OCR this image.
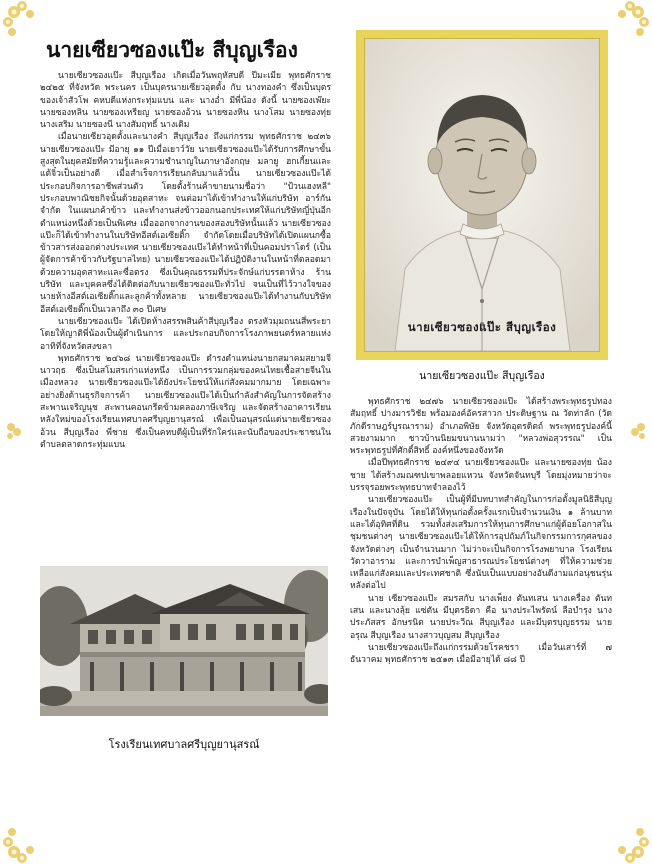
นายเซียวซองแป๊ะ สีบุญเรือง

นายเซียวซองแป๊ะ สีบุญเรือง เกิดเมื่อวันพฤหัสบดี ปีมะเมีย พุทธศักราช ๒๔๒๕ ที่จังหวัด พระนคร เป็นบุตรนายเซียวอุดตั้ง กับ นางทองคำ ซึ่งเป็นบุตรของเจ้าสัวโพ คหบดีแห่งกระทุ่มแบน และ นางอ่ำ มีพี่น้อง ดังนี้ นายซองเพ๊ยะ นายซองหลิน นายซองเหรียญ นายซองอ้วน นายซองหิน นางโสม นายซองทุ่ย นางเสริม นายซองนี นางสัมฤทธิ์ นางเติม

เมื่อนายเซียวอุดตั้งและนางคำ สีบุญเรือง ถึงแก่กรรม พุทธศักราช ๒๔๓๖ นายเซียวซองแป๊ะ มีอายุ ๑๑ ปีเมื่อเยาว์วัย นายเซียวซองแป๊ะได้รับการศึกษาขั้นสูงสุดในยุคสมัยที่ความรู้และความชำนาญในภาษาอังกฤษ มลายู ฮกเกี้ยนและแต้จิ๋วเป็นอย่างดี เมื่อสำเร็จการเรียนกลับมาแล้วนั้น นายเซียวซองแป๊ะได้ประกอบกิจการอาชีพส่วนตัว โดยตั้งร้านค้าขายนามชื่อว่า "ป้วนเฮงหลี" ประกอบพาณิชยกิจนั้นด้วยอุตสาหะ จนต่อมาได้เข้าทำงานให้แก่บริษัท อาร์กัน จำกัด ในแผนกค้าข้าว และทำงานส่งข้าวออกนอกประเทศให้แก่บริษัทญี่ปุ่นอีกตำแหน่งหนึ่งด้วยเป็นพิเศษ เมื่อออกจากงานของสองบริษัทนั้นแล้ว นายเซียวซองแป๊ะก็ได้เข้าทำงานในบริษัทอีสต์เอเซียติ๊ก จำกัดโดยเมื่อบริษัทได้เปิดแผนกซื้อข้าวสารส่งออกต่างประเทศ นายเซียวซองแป๊ะได้ทำหน้าที่เป็นคอมปราโดร์ (เป็นผู้จัดการค้าข้าวกับรัฐบาลไทย) นายเซียวซองแป๊ะได้ปฏิบัติงานในหน้าที่ตลอดมาด้วยความอุตสาหะและซื่อตรง ซึ่งเป็นคุณธรรมที่ประจักษ์แก่บรรดาห้าง ร้าน บริษัท และบุคคลซึ่งได้ติดต่อกับนายเซียวซองแป๊ะทั่วไป จนเป็นที่ไว้วางใจของนายห้างอีสต์เอเซียติ๊กและลูกค้าทั้งหลาย นายเซียวซองแป๊ะได้ทำงานกับบริษัทอีสต์เอเซียติ๊กเป็นเวลาถึง ๓๐ ปีเศษ

นายเซียวซองแป๊ะ ได้เปิดห้างสรรพสินค้าสีบุญเรือง ตรงหัวมุมถนนสี่พระยา โดยให้ญาติพี่น้องเป็นผู้ดำเนินการ และประกอบกิจการโรงภาพยนตร์หลายแห่ง อาทิที่จังหวัดสงขลา

พุทธศักราช ๒๔๖๘ นายเซียวซองแป๊ะ ดำรงตำแหน่งนายกสมาคมสยามจีนาวฤธ ซึ่งเป็นสโมสรเก่าแห่งหนึ่ง เป็นการรวมกลุ่มของคนไทยเชื้อสายจีนในเมืองหลวง นายเซียวซองแป๊ะได้ยังประโยชน์ให้แก่สังคมมากมาย โดยเฉพาะอย่างยิ่งด้านธุรกิจการค้า นายเซียวซองแป๊ะได้เป็นกำลังสำคัญในการจัดสร้างสะพานเจริญนุช สะพานคอนกรีตข้ามคลองภาษีเจริญ และจัดสร้างอาคารเรียนหลังใหม่ของโรงเรียนเทศบาลศรีบุญยานุสรณ์ เพื่อเป็นอนุสรณ์แด่นายเซียวซองอ้วน สีบุญเรือง พี่ชาย ซึ่งเป็นคหบดีผู้เป็นที่รักใคร่และนับถือของประชาชนในตำบลตลาดกระทุ่มแบน

นายเซียวซองแป๊ะ สีบุญเรือง
นายเซียวซองแป๊ะ สีบุญเรือง

พุทธศักราช ๒๔๗๖ นายเซียวซองแป๊ะ ได้สร้างพระพุทธรูปทองสัมฤทธิ์ ปางมารวิชัย พร้อมองค์อัครสาวก ประดิษฐาน ณ วัดท่าลัก (วัดภักดีราษฎร์บูรณาราม) อำเภอพิษัย จังหวัดอุตรดิตถ์ พระพุทธรูปองค์นี้สวยงามมาก ชาวบ้านนิยมขนานนามว่า "หลวงพ่อสุวรรณ" เป็นพระพุทธรูปที่ศักดิ์สิทธิ์ องค์หนึ่งของจังหวัด

เมื่อปีพุทธศักราช ๒๔๙๔ นายเซียวซองแป๊ะ และนายซองทุ่ย น้องชาย ได้สร้างมณฑปเขาพลอยแหวน จังหวัดจันทบุรี โดยมุ่งหมายว่าจะบรรจุรอยพระพุทธบาทจำลองไว้

นายเซียวซองแป๊ะ เป็นผู้ที่มีบทบาทสำคัญในการก่อตั้งมูลนิธิสีบุญเรืองในปัจจุบัน โดยได้ให้ทุนก่อตั้งครั้งแรกเป็นจำนวนเงิน ๑ ล้านบาท และได้อุทิศที่ดิน รวมทั้งส่งเสริมการให้ทุนการศึกษาแก่ผู้ด้อยโอกาสในชุมชนต่างๆ นายเซียวซองแป๊ะได้ให้การอุปถัมภ์ในกิจกรรมการกุศลของจังหวัดต่างๆ เป็นจำนวนมาก ไม่ว่าจะเป็นกิจการโรงพยาบาล โรงเรียน วัดวาอาราม และการบำเพ็ญสาธารณประโยชน์ต่างๆ ที่ให้ความช่วยเหลือแก่สังคมและประเทศชาติ ซึ่งนับเป็นแบบอย่างอันดีงามแก่อนุชนรุ่นหลังต่อไป

นาย เซียวซองแป๊ะ สมรสกับ นางเพ็ยง ตันทเสน นางเครื่อง ตันทเสน และนางลุ้ย แซ่ตัน มีบุตรธิดา คือ นางประไพรัตน์ ลือบำรุง นางประภัสสร อักษรนิต นายประวีณ สีบุญเรือง และมีบุตรบุญธรรม นายอรุณ สีบุญเรือง นางสาวบุญสม สีบุญเรือง

นายเซียวซองแป๊ะถึงแก่กรรมด้วยโรคชรา เมื่อวันเสาร์ที่ ๗ ธันวาคม พุทธศักราช ๒๕๑๓ เมื่อมีอายุได้ ๘๘ ปี

โรงเรียนเทศบาลศรีบุญยานุสรณ์
